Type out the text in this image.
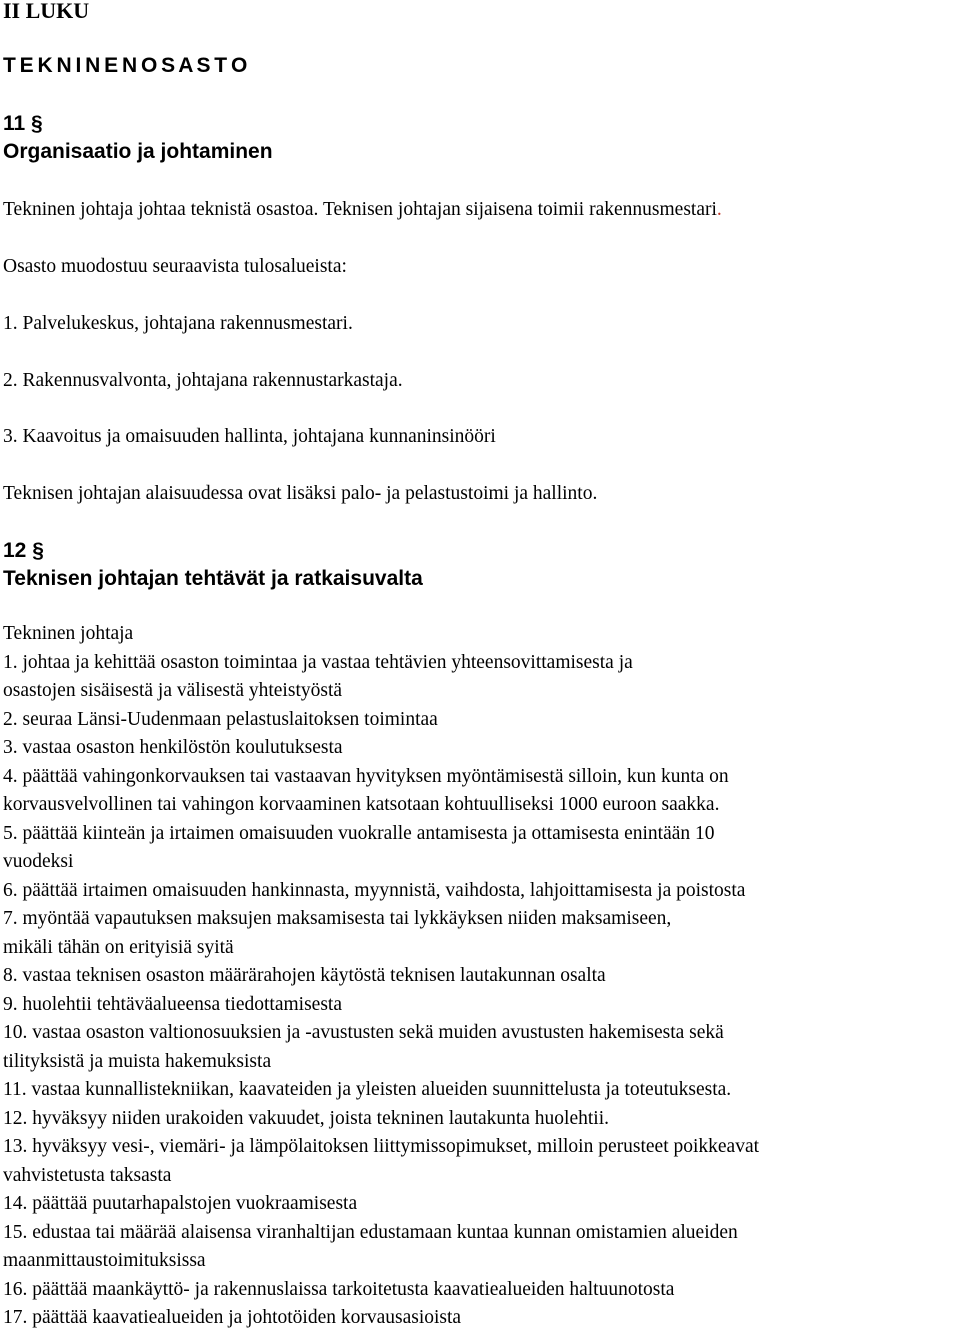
II LUKU
T E K N I N E N O S A S T O
11 §
Organisaatio ja johtaminen
Tekninen johtaja johtaa teknistä osastoa. Teknisen johtajan sijaisena toimii rakennusmestari.
Osasto muodostuu seuraavista tulosalueista:
1. Palvelukeskus, johtajana rakennusmestari.
2. Rakennusvalvonta, johtajana rakennustarkastaja.
3. Kaavoitus ja omaisuuden hallinta, johtajana kunnaninsinööri
Teknisen johtajan alaisuudessa ovat lisäksi palo- ja pelastustoimi ja hallinto.
12 §
Teknisen johtajan tehtävät ja ratkaisuvalta
Tekninen johtaja
1. johtaa ja kehittää osaston toimintaa ja vastaa tehtävien yhteensovittamisesta ja
osastojen sisäisestä ja välisestä yhteistyöstä
2. seuraa Länsi-Uudenmaan pelastuslaitoksen toimintaa
3. vastaa osaston henkilöstön koulutuksesta
4. päättää vahingonkorvauksen tai vastaavan hyvityksen myöntämisestä silloin, kun kunta on
korvausvelvollinen tai vahingon korvaaminen katsotaan kohtuulliseksi 1000 euroon saakka.
5. päättää kiinteän ja irtaimen omaisuuden vuokralle antamisesta ja ottamisesta enintään 10
vuodeksi
6. päättää irtaimen omaisuuden hankinnasta, myynnistä, vaihdosta, lahjoittamisesta ja poistosta
7. myöntää vapautuksen maksujen maksamisesta tai lykkäyksen niiden maksamiseen,
mikäli tähän on erityisiä syitä
8. vastaa teknisen osaston määrärahojen käytöstä teknisen lautakunnan osalta
9. huolehtii tehtäväalueensa tiedottamisesta
10. vastaa osaston valtionosuuksien ja -avustusten sekä muiden avustusten hakemisesta sekä
tilityksistä ja muista hakemuksista
11. vastaa kunnallistekniikan, kaavateiden ja yleisten alueiden suunnittelusta ja toteutuksesta.
12. hyväksyy niiden urakoiden vakuudet, joista tekninen lautakunta huolehtii.
13. hyväksyy vesi-, viemäri- ja lämpölaitoksen liittymissopimukset, milloin perusteet poikkeavat
vahvistetusta taksasta
14. päättää puutarhapalstojen vuokraamisesta
15. edustaa tai määrää alaisensa viranhaltijan edustamaan kuntaa kunnan omistamien alueiden
maanmittaustoimituksissa
16. päättää maankäyttö- ja rakennuslaissa tarkoitetusta kaavatiealueiden haltuunotosta
17. päättää kaavatiealueiden ja johtotöiden korvausasioista
